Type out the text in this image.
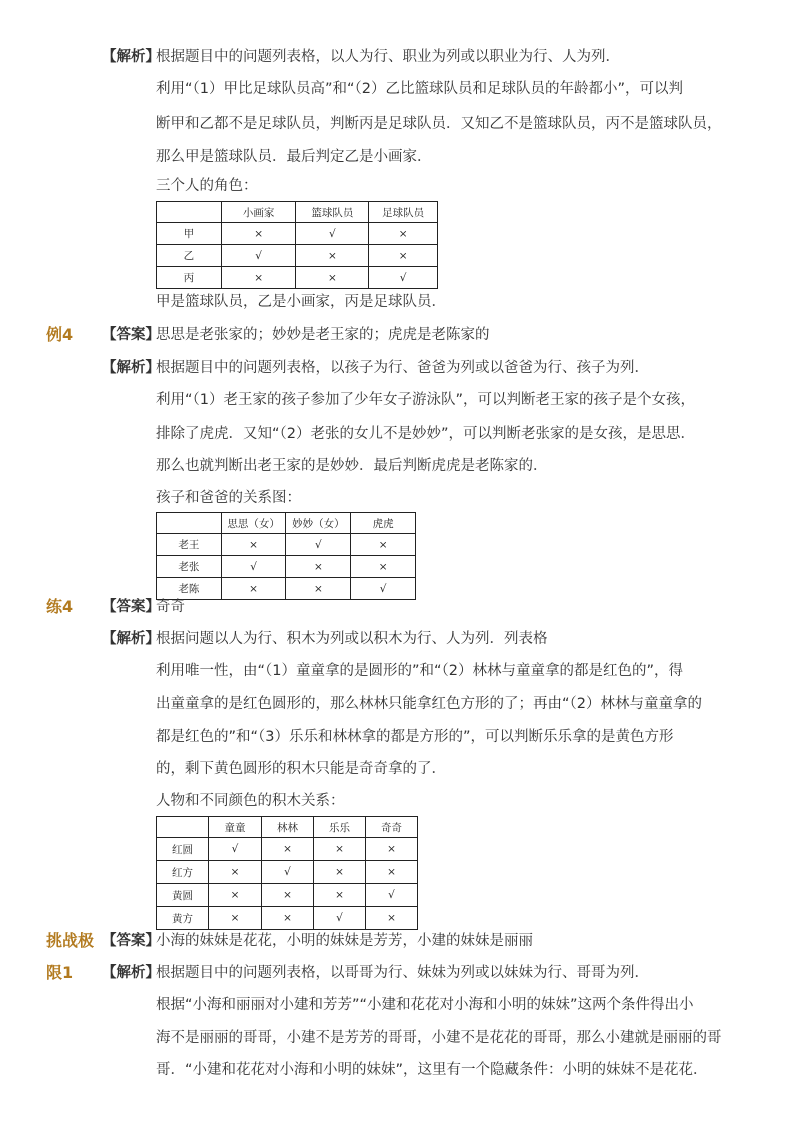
【解析】
根据题目中的问题列表格，以人为行、职业为列或以职业为行、人为列．
利用“（1）甲比足球队员高”和“（2）乙比篮球队员和足球队员的年龄都小”，可以判
断甲和乙都不是足球队员，判断丙是足球队员．又知乙不是篮球队员，丙不是篮球队员，
那么甲是篮球队员．最后判定乙是小画家．
三个人的角色：
	小画家	篮球队员	足球队员
甲	×	√	×
乙	√	×	×
丙	×	×	√
甲是篮球队员，乙是小画家，丙是足球队员．
例4 【答案】
思思是老张家的；妙妙是老王家的；虎虎是老陈家的
【解析】
根据题目中的问题列表格，以孩子为行、爸爸为列或以爸爸为行、孩子为列．
利用“（1）老王家的孩子参加了少年女子游泳队”，可以判断老王家的孩子是个女孩，
排除了虎虎．又知“（2）老张的女儿不是妙妙”，可以判断老张家的是女孩，是思思．
那么也就判断出老王家的是妙妙．最后判断虎虎是老陈家的．
孩子和爸爸的关系图：
	思思（女）	妙妙（女）	虎虎
老王	×	√	×
老张	√	×	×
老陈	×	×	√
练4 【答案】
奇奇
【解析】
根据问题以人为行、积木为列或以积木为行、人为列．列表格
利用唯一性，由“（1）童童拿的是圆形的”和“（2）林林与童童拿的都是红色的”，得
出童童拿的是红色圆形的，那么林林只能拿红色方形的了；再由“（2）林林与童童拿的
都是红色的”和“（3）乐乐和林林拿的都是方形的”，可以判断乐乐拿的是黄色方形
的，剩下黄色圆形的积木只能是奇奇拿的了．
人物和不同颜色的积木关系：
	童童	林林	乐乐	奇奇
红圆	√	×	×	×
红方	×	√	×	×
黄圆	×	×	×	√
黄方	×	×	√	×
挑战极 【答案】
小海的妹妹是花花，小明的妹妹是芳芳，小建的妹妹是丽丽
限1 【解析】
根据题目中的问题列表格，以哥哥为行、妹妹为列或以妹妹为行、哥哥为列．
根据“小海和丽丽对小建和芳芳”“小建和花花对小海和小明的妹妹”这两个条件得出小
海不是丽丽的哥哥，小建不是芳芳的哥哥，小建不是花花的哥哥，那么小建就是丽丽的哥
哥．“小建和花花对小海和小明的妹妹”，这里有一个隐藏条件：小明的妹妹不是花花．
